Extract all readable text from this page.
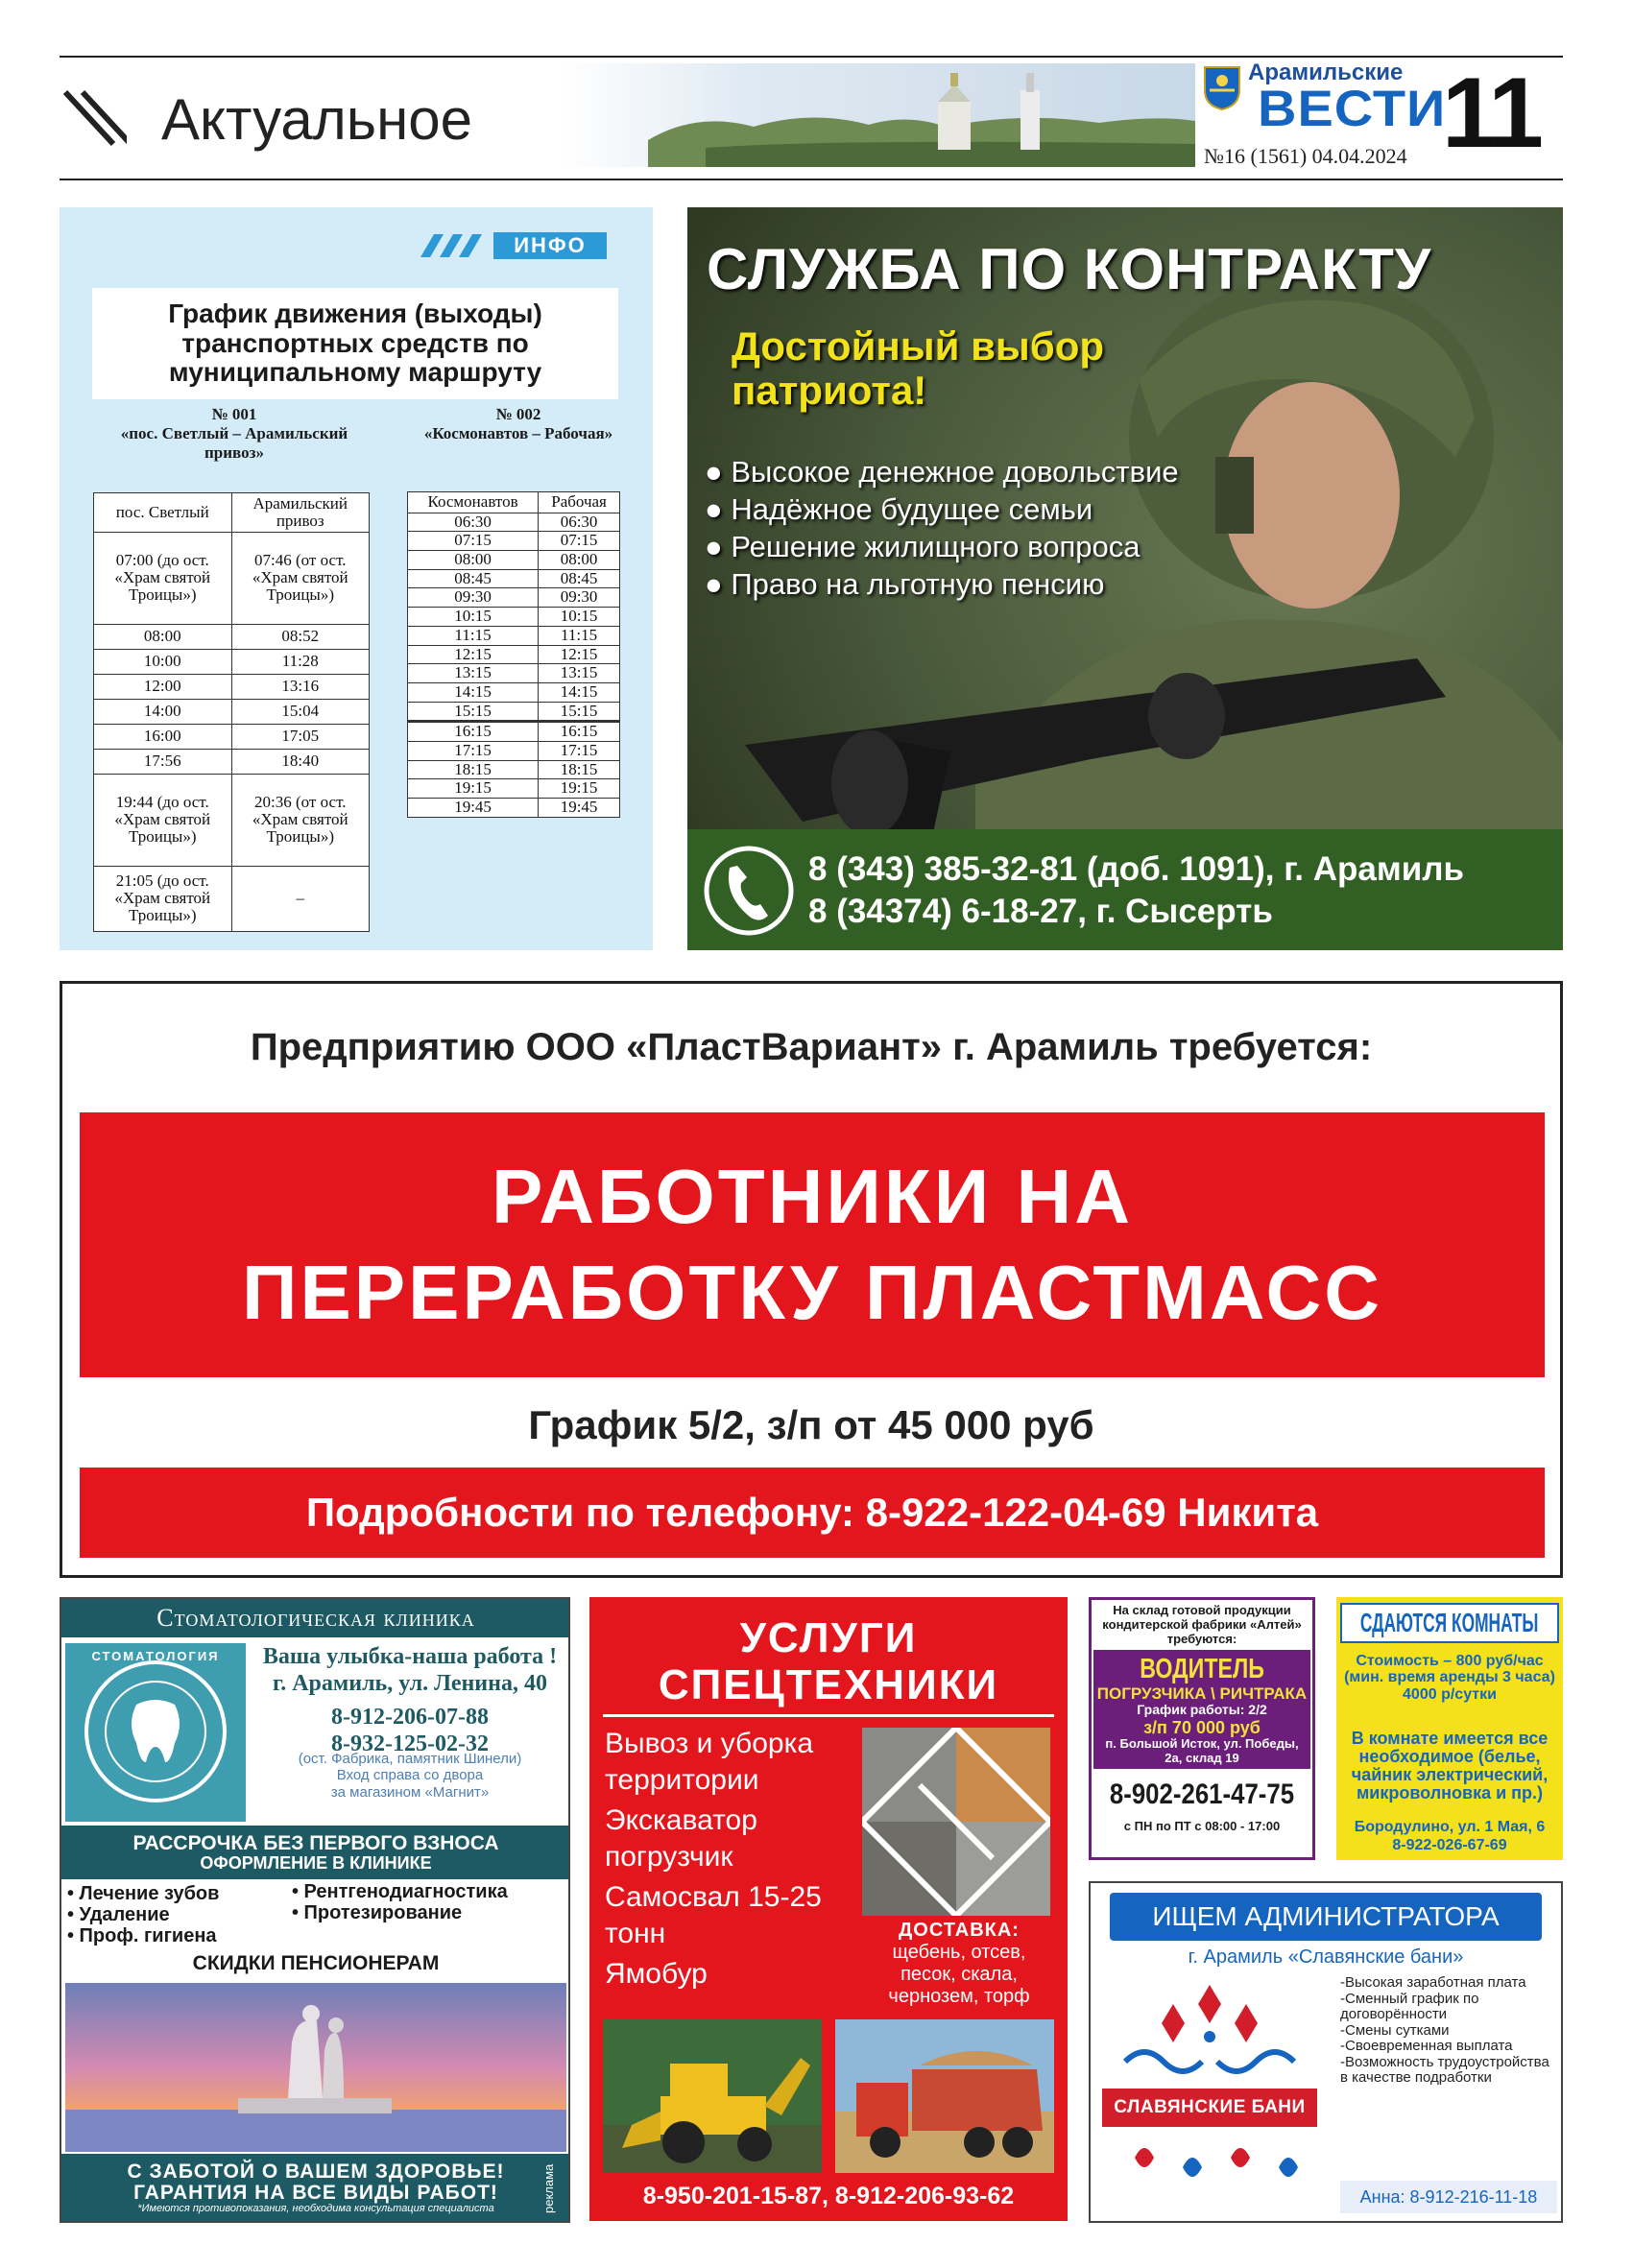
Актуальное
Арамильские
ВЕСТИ
№16 (1561) 04.04.2024 11
ИНФО
График движения (выходы) транспортных средств по муниципальному маршруту
№ 001
«пос. Светлый – Арамильский привоз»
№ 002
«Космонавтов – Рабочая»
пос. Светлый	Арамильский привоз
07:00 (до ост. «Храм святой Троицы»)	07:46 (от ост. «Храм святой Троицы»)
08:00	08:52
10:00	11:28
12:00	13:16
14:00	15:04
16:00	17:05
17:56	18:40
19:44 (до ост. «Храм святой Троицы»)	20:36 (от ост. «Храм святой Троицы»)
21:05 (до ост. «Храм святой Троицы»)	–
Космонавтов	Рабочая
06:30	06:30
07:15	07:15
08:00	08:00
08:45	08:45
09:30	09:30
10:15	10:15
11:15	11:15
12:15	12:15
13:15	13:15
14:15	14:15
15:15	15:15
16:15	16:15
17:15	17:15
18:15	18:15
19:15	19:15
19:45	19:45
СЛУЖБА ПО КОНТРАКТУ
Достойный выбор
патриота!
● Высокое денежное довольствие
● Надёжное будущее семьи
● Решение жилищного вопроса
● Право на льготную пенсию
8 (343) 385-32-81 (доб. 1091), г. Арамиль
8 (34374) 6-18-27, г. Сысерть
Предприятию ООО «ПластВариант» г. Арамиль требуется:
РАБОТНИКИ НА
ПЕРЕРАБОТКУ ПЛАСТМАСС
График 5/2, з/п от 45 000 руб
Подробности по телефону: 8-922-122-04-69 Никита
Стоматологическая клиника
СТОМАТОЛОГИЯ	Ваша улыбка-наша работа !
г. Арамиль, ул. Ленина, 40
8-912-206-07-88
8-932-125-02-32
(ост. Фабрика, памятник Шинели)
Вход справа со двора
за магазином «Магнит»
РАССРОЧКА БЕЗ ПЕРВОГО ВЗНОСА
ОФОРМЛЕНИЕ В КЛИНИКЕ
• Лечение зубов
• Удаление
• Проф. гигиена
• Рентгенодиагностика
• Протезирование
СКИДКИ ПЕНСИОНЕРАМ
С ЗАБОТОЙ О ВАШЕМ ЗДОРОВЬЕ!
ГАРАНТИЯ НА ВСЕ ВИДЫ РАБОТ!
*Имеются противопоказания, необходима консультация специалиста	реклама
УСЛУГИ
СПЕЦТЕХНИКИ
Вывоз и уборка территории
Экскаватор погрузчик
Самосвал 15-25 тонн
Ямобур
ДОСТАВКА:
щебень, отсев, песок, скала, чернозем, торф
8-950-201-15-87, 8-912-206-93-62
На склад готовой продукции кондитерской фабрики «Алтей» требуются:
ВОДИТЕЛЬ
ПОГРУЗЧИКА \ РИЧТРАКА
График работы: 2/2
з/п 70 000 руб
п. Большой Исток, ул. Победы, 2а, склад 19
8-902-261-47-75
с ПН по ПТ с 08:00 - 17:00
СДАЮТСЯ КОМНАТЫ
Стоимость – 800 руб/час (мин. время аренды 3 часа) 4000 р/сутки
В комнате имеется все необходимое (белье, чайник электрический, микроволновка и пр.)
Бородулино, ул. 1 Мая, 6
8-922-026-67-69
ИЩЕМ АДМИНИСТРАТОРА
г. Арамиль «Славянские бани»
СЛАВЯНСКИЕ БАНИ
-Высокая заработная плата
-Сменный график по договорённости
-Смены сутками
-Своевременная выплата
-Возможность трудоустройства в качестве подработки
Анна: 8-912-216-11-18
